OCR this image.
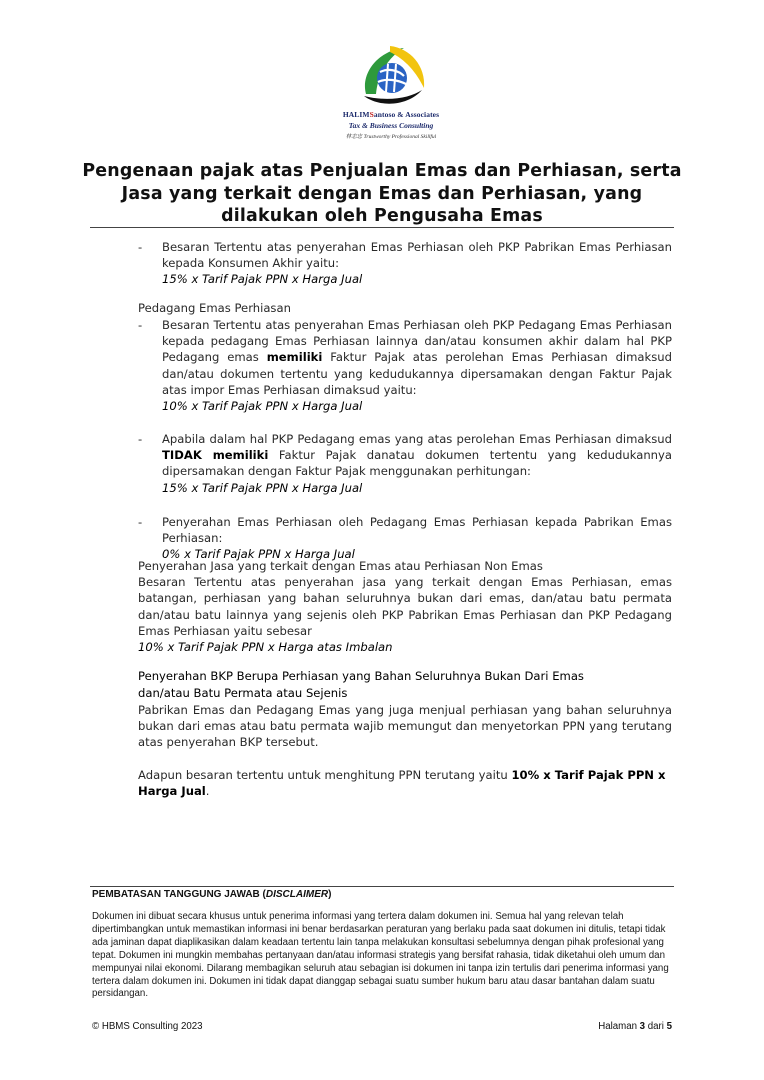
HALIMSantoso & Associates
Tax & Business Consulting
林志忠 Trustworthy Professional Skillful
Pengenaan pajak atas Penjualan Emas dan Perhiasan, serta Jasa yang terkait dengan Emas dan Perhiasan, yang dilakukan oleh Pengusaha Emas
- Besaran Tertentu atas penyerahan Emas Perhiasan oleh PKP Pabrikan Emas Perhiasan kepada Konsumen Akhir yaitu:
15% x Tarif Pajak PPN x Harga Jual
Pedagang Emas Perhiasan
- Besaran Tertentu atas penyerahan Emas Perhiasan oleh PKP Pedagang Emas Perhiasan kepada pedagang Emas Perhiasan lainnya dan/atau konsumen akhir dalam hal PKP Pedagang emas memiliki Faktur Pajak atas perolehan Emas Perhiasan dimaksud dan/atau dokumen tertentu yang kedudukannya dipersamakan dengan Faktur Pajak atas impor Emas Perhiasan dimaksud yaitu:
10% x Tarif Pajak PPN x Harga Jual
- Apabila dalam hal PKP Pedagang emas yang atas perolehan Emas Perhiasan dimaksud TIDAK memiliki Faktur Pajak danatau dokumen tertentu yang kedudukannya dipersamakan dengan Faktur Pajak menggunakan perhitungan:
15% x Tarif Pajak PPN x Harga Jual
- Penyerahan Emas Perhiasan oleh Pedagang Emas Perhiasan kepada Pabrikan Emas Perhiasan:
0% x Tarif Pajak PPN x Harga Jual
Penyerahan Jasa yang terkait dengan Emas atau Perhiasan Non Emas
Besaran Tertentu atas penyerahan jasa yang terkait dengan Emas Perhiasan, emas batangan, perhiasan yang bahan seluruhnya bukan dari emas, dan/atau batu permata dan/atau batu lainnya yang sejenis oleh PKP Pabrikan Emas Perhiasan dan PKP Pedagang Emas Perhiasan yaitu sebesar
10% x Tarif Pajak PPN x Harga atas Imbalan
Penyerahan BKP Berupa Perhiasan yang Bahan Seluruhnya Bukan Dari Emas dan/atau Batu Permata atau Sejenis
Pabrikan Emas dan Pedagang Emas yang juga menjual perhiasan yang bahan seluruhnya bukan dari emas atau batu permata wajib memungut dan menyetorkan PPN yang terutang atas penyerahan BKP tersebut.
Adapun besaran tertentu untuk menghitung PPN terutang yaitu 10% x Tarif Pajak PPN x Harga Jual.
PEMBATASAN TANGGUNG JAWAB (DISCLAIMER)
Dokumen ini dibuat secara khusus untuk penerima informasi yang tertera dalam dokumen ini. Semua hal yang relevan telah dipertimbangkan untuk memastikan informasi ini benar berdasarkan peraturan yang berlaku pada saat dokumen ini ditulis, tetapi tidak ada jaminan dapat diaplikasikan dalam keadaan tertentu lain tanpa melakukan konsultasi sebelumnya dengan pihak profesional yang tepat. Dokumen ini mungkin membahas pertanyaan dan/atau informasi strategis yang bersifat rahasia, tidak diketahui oleh umum dan mempunyai nilai ekonomi. Dilarang membagikan seluruh atau sebagian isi dokumen ini tanpa izin tertulis dari penerima informasi yang tertera dalam dokumen ini. Dokumen ini tidak dapat dianggap sebagai suatu sumber hukum baru atau dasar bantahan dalam suatu persidangan.
© HBMS Consulting 2023	Halaman 3 dari 5
